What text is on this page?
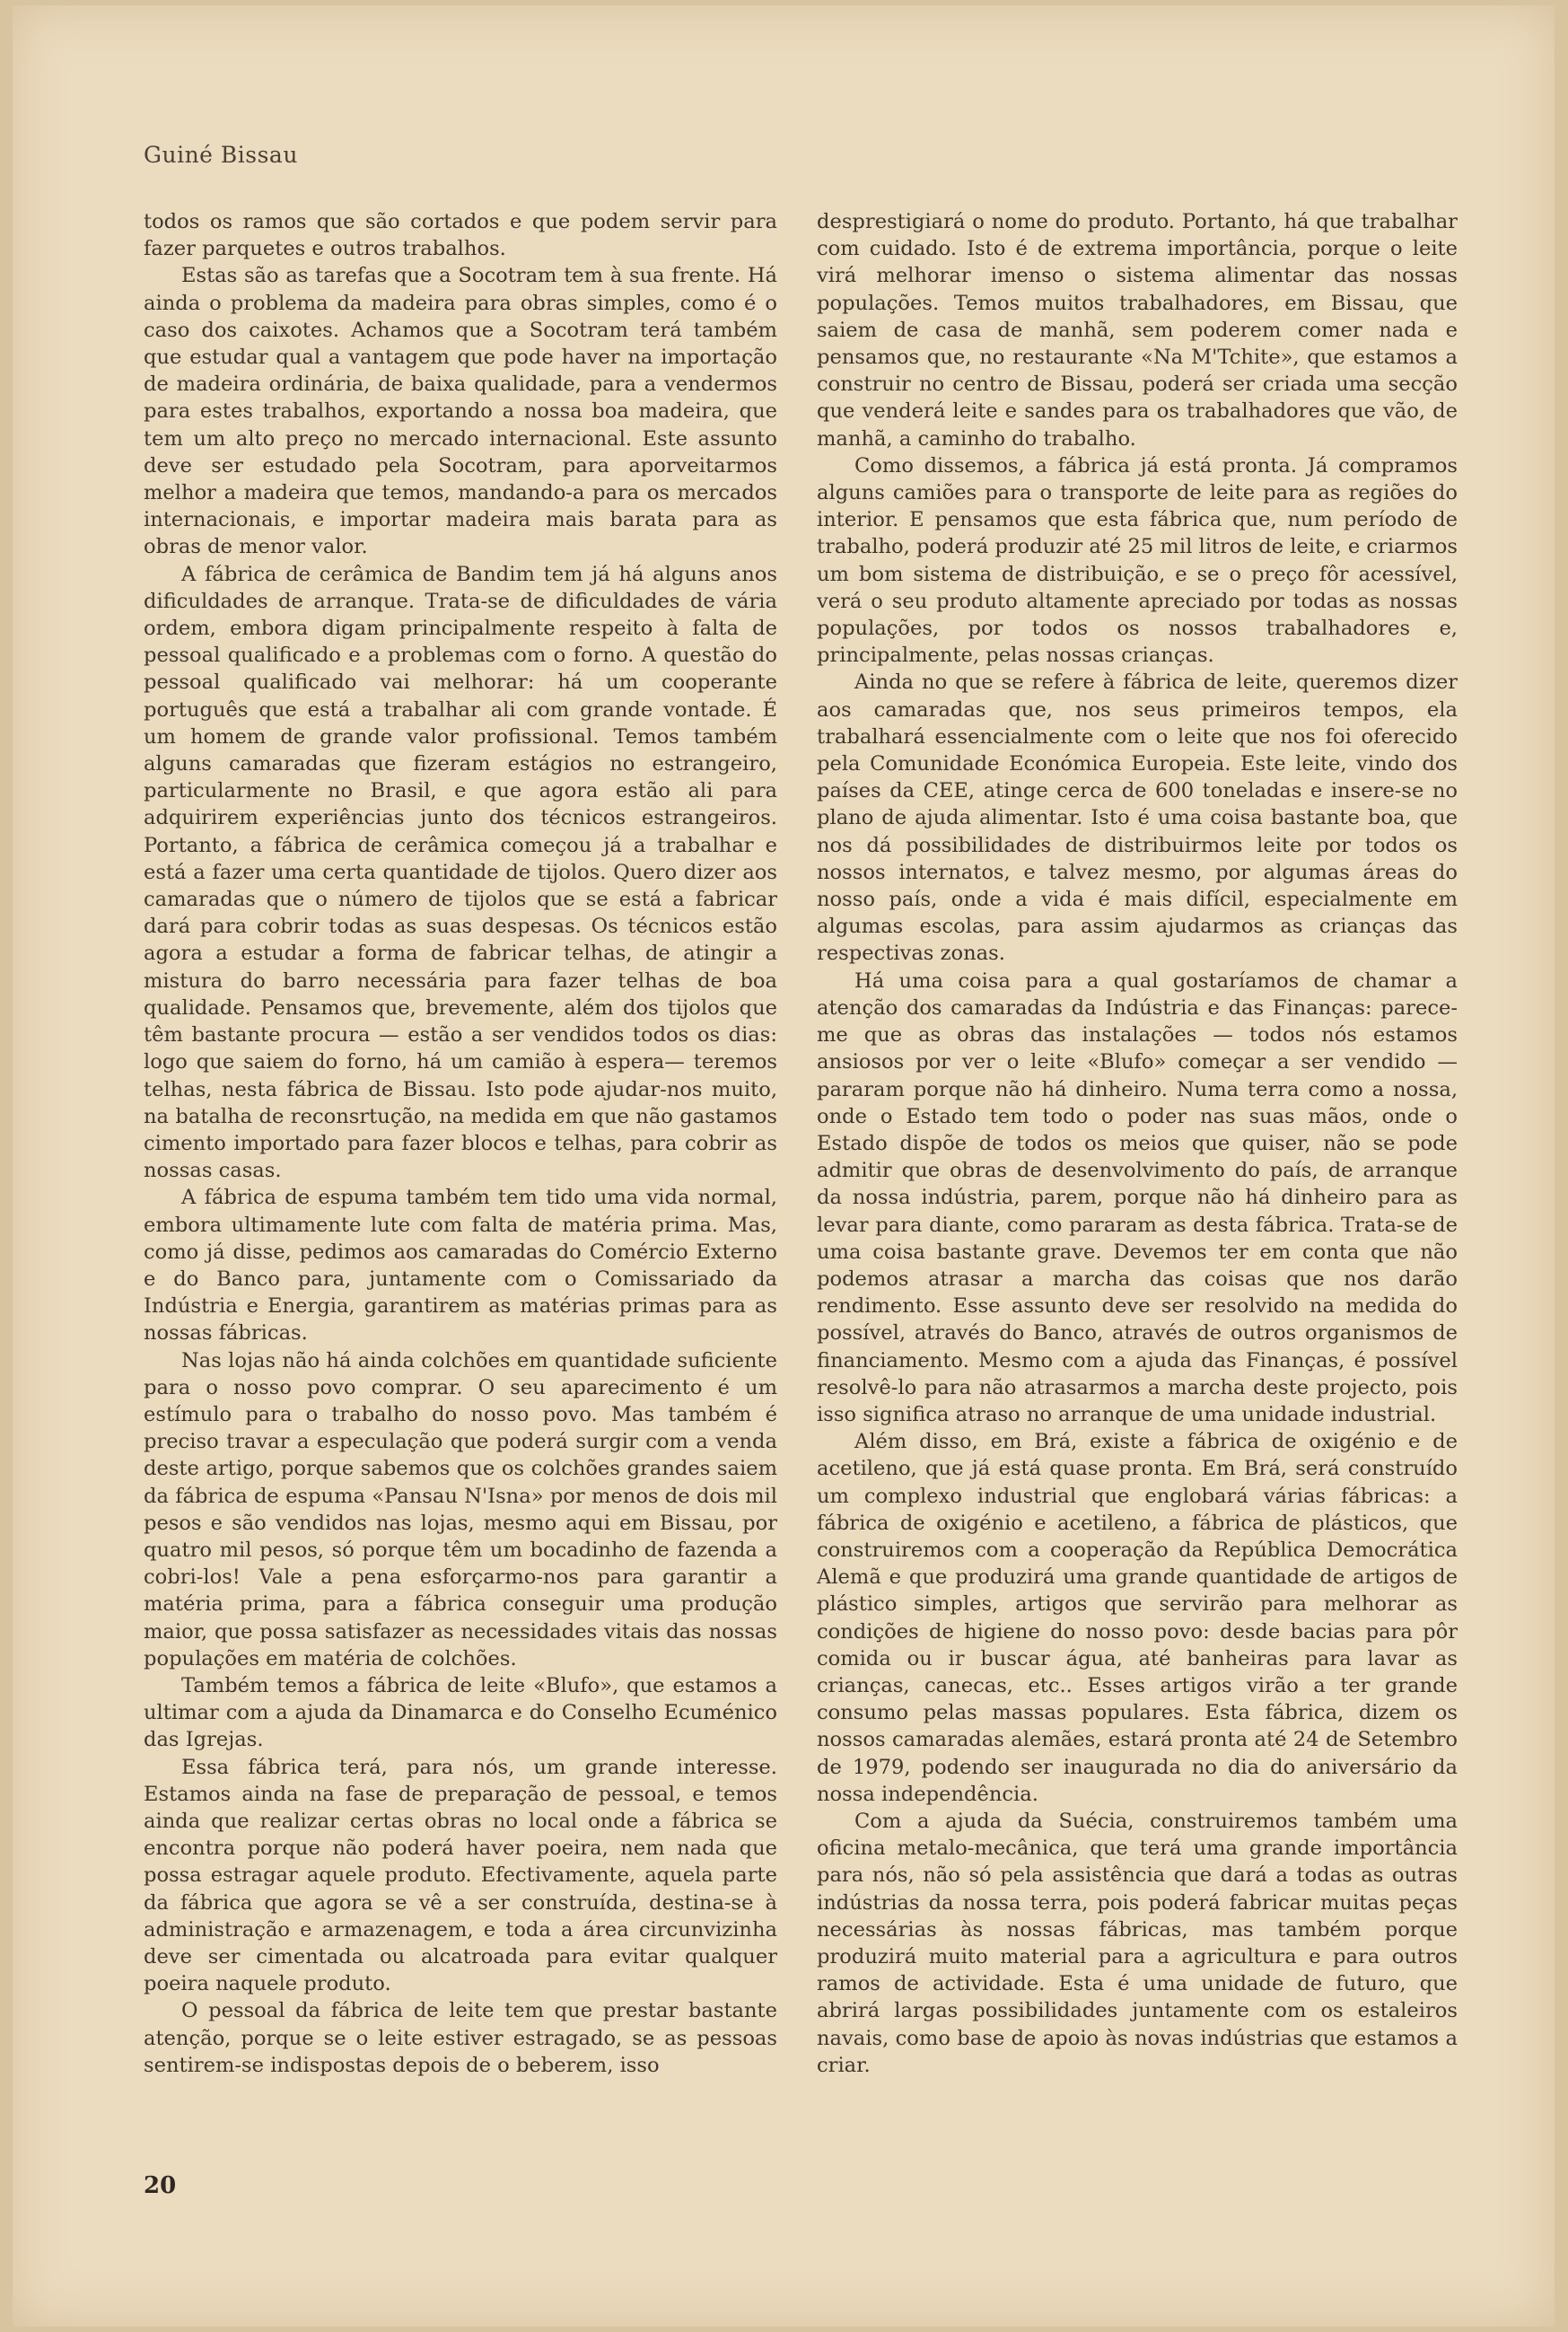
Guiné Bissau

todos os ramos que são cortados e que podem servir para fazer parquetes e outros trabalhos.

Estas são as tarefas que a Socotram tem à sua frente. Há ainda o problema da madeira para obras simples, como é o caso dos caixotes. Achamos que a Socotram terá também que estudar qual a vantagem que pode haver na importação de madeira ordinária, de baixa qualidade, para a vendermos para estes trabalhos, exportando a nossa boa madeira, que tem um alto preço no mercado internacional. Este assunto deve ser estudado pela Socotram, para aporveitarmos melhor a madeira que temos, mandando-a para os mercados internacionais, e importar madeira mais barata para as obras de menor valor.

A fábrica de cerâmica de Bandim tem já há alguns anos dificuldades de arranque. Trata-se de dificuldades de vária ordem, embora digam principalmente respeito à falta de pessoal qualificado e a problemas com o forno. A questão do pessoal qualificado vai melhorar: há um cooperante português que está a trabalhar ali com grande vontade. É um homem de grande valor profissional. Temos também alguns camaradas que fizeram estágios no estrangeiro, particularmente no Brasil, e que agora estão ali para adquirirem experiências junto dos técnicos estrangeiros. Portanto, a fábrica de cerâmica começou já a trabalhar e está a fazer uma certa quantidade de tijolos. Quero dizer aos camaradas que o número de tijolos que se está a fabricar dará para cobrir todas as suas despesas. Os técnicos estão agora a estudar a forma de fabricar telhas, de atingir a mistura do barro necessária para fazer telhas de boa qualidade. Pensamos que, brevemente, além dos tijolos que têm bastante procura — estão a ser vendidos todos os dias: logo que saiem do forno, há um camião à espera— teremos telhas, nesta fábrica de Bissau. Isto pode ajudar-nos muito, na batalha de reconsrtução, na medida em que não gastamos cimento importado para fazer blocos e telhas, para cobrir as nossas casas.

A fábrica de espuma também tem tido uma vida normal, embora ultimamente lute com falta de matéria prima. Mas, como já disse, pedimos aos camaradas do Comércio Externo e do Banco para, juntamente com o Comissariado da Indústria e Energia, garantirem as matérias primas para as nossas fábricas.

Nas lojas não há ainda colchões em quantidade suficiente para o nosso povo comprar. O seu aparecimento é um estímulo para o trabalho do nosso povo. Mas também é preciso travar a especulação que poderá surgir com a venda deste artigo, porque sabemos que os colchões grandes saiem da fábrica de espuma «Pansau N'Isna» por menos de dois mil pesos e são vendidos nas lojas, mesmo aqui em Bissau, por quatro mil pesos, só porque têm um bocadinho de fazenda a cobri-los! Vale a pena esforçarmo-nos para garantir a matéria prima, para a fábrica conseguir uma produção maior, que possa satisfazer as necessidades vitais das nossas populações em matéria de colchões.

Também temos a fábrica de leite «Blufo», que estamos a ultimar com a ajuda da Dinamarca e do Conselho Ecuménico das Igrejas.

Essa fábrica terá, para nós, um grande interesse. Estamos ainda na fase de preparação de pessoal, e temos ainda que realizar certas obras no local onde a fábrica se encontra porque não poderá haver poeira, nem nada que possa estragar aquele produto. Efectivamente, aquela parte da fábrica que agora se vê a ser construída, destina-se à administração e armazenagem, e toda a área circunvizinha deve ser cimentada ou alcatroada para evitar qualquer poeira naquele produto.

O pessoal da fábrica de leite tem que prestar bastante atenção, porque se o leite estiver estragado, se as pessoas sentirem-se indispostas depois de o beberem, isso

desprestigiará o nome do produto. Portanto, há que trabalhar com cuidado. Isto é de extrema importância, porque o leite virá melhorar imenso o sistema alimentar das nossas populações. Temos muitos trabalhadores, em Bissau, que saiem de casa de manhã, sem poderem comer nada e pensamos que, no restaurante «Na M'Tchite», que estamos a construir no centro de Bissau, poderá ser criada uma secção que venderá leite e sandes para os trabalhadores que vão, de manhã, a caminho do trabalho.

Como dissemos, a fábrica já está pronta. Já compramos alguns camiões para o transporte de leite para as regiões do interior. E pensamos que esta fábrica que, num período de trabalho, poderá produzir até 25 mil litros de leite, e criarmos um bom sistema de distribuição, e se o preço fôr acessível, verá o seu produto altamente apreciado por todas as nossas populações, por todos os nossos trabalhadores e, principalmente, pelas nossas crianças.

Ainda no que se refere à fábrica de leite, queremos dizer aos camaradas que, nos seus primeiros tempos, ela trabalhará essencialmente com o leite que nos foi oferecido pela Comunidade Económica Europeia. Este leite, vindo dos países da CEE, atinge cerca de 600 toneladas e insere-se no plano de ajuda alimentar. Isto é uma coisa bastante boa, que nos dá possibilidades de distribuirmos leite por todos os nossos internatos, e talvez mesmo, por algumas áreas do nosso país, onde a vida é mais difícil, especialmente em algumas escolas, para assim ajudarmos as crianças das respectivas zonas.

Há uma coisa para a qual gostaríamos de chamar a atenção dos camaradas da Indústria e das Finanças: parece-me que as obras das instalações — todos nós estamos ansiosos por ver o leite «Blufo» começar a ser vendido — pararam porque não há dinheiro. Numa terra como a nossa, onde o Estado tem todo o poder nas suas mãos, onde o Estado dispõe de todos os meios que quiser, não se pode admitir que obras de desenvolvimento do país, de arranque da nossa indústria, parem, porque não há dinheiro para as levar para diante, como pararam as desta fábrica. Trata-se de uma coisa bastante grave. Devemos ter em conta que não podemos atrasar a marcha das coisas que nos darão rendimento. Esse assunto deve ser resolvido na medida do possível, através do Banco, através de outros organismos de financiamento. Mesmo com a ajuda das Finanças, é possível resolvê-lo para não atrasarmos a marcha deste projecto, pois isso significa atraso no arranque de uma unidade industrial.

Além disso, em Brá, existe a fábrica de oxigénio e de acetileno, que já está quase pronta. Em Brá, será construído um complexo industrial que englobará várias fábricas: a fábrica de oxigénio e acetileno, a fábrica de plásticos, que construiremos com a cooperação da República Democrática Alemã e que produzirá uma grande quantidade de artigos de plástico simples, artigos que servirão para melhorar as condições de higiene do nosso povo: desde bacias para pôr comida ou ir buscar água, até banheiras para lavar as crianças, canecas, etc.. Esses artigos virão a ter grande consumo pelas massas populares. Esta fábrica, dizem os nossos camaradas alemães, estará pronta até 24 de Setembro de 1979, podendo ser inaugurada no dia do aniversário da nossa independência.

Com a ajuda da Suécia, construiremos também uma oficina metalo-mecânica, que terá uma grande importância para nós, não só pela assistência que dará a todas as outras indústrias da nossa terra, pois poderá fabricar muitas peças necessárias às nossas fábricas, mas também porque produzirá muito material para a agricultura e para outros ramos de actividade. Esta é uma unidade de futuro, que abrirá largas possibilidades juntamente com os estaleiros navais, como base de apoio às novas indústrias que estamos a criar.

20
